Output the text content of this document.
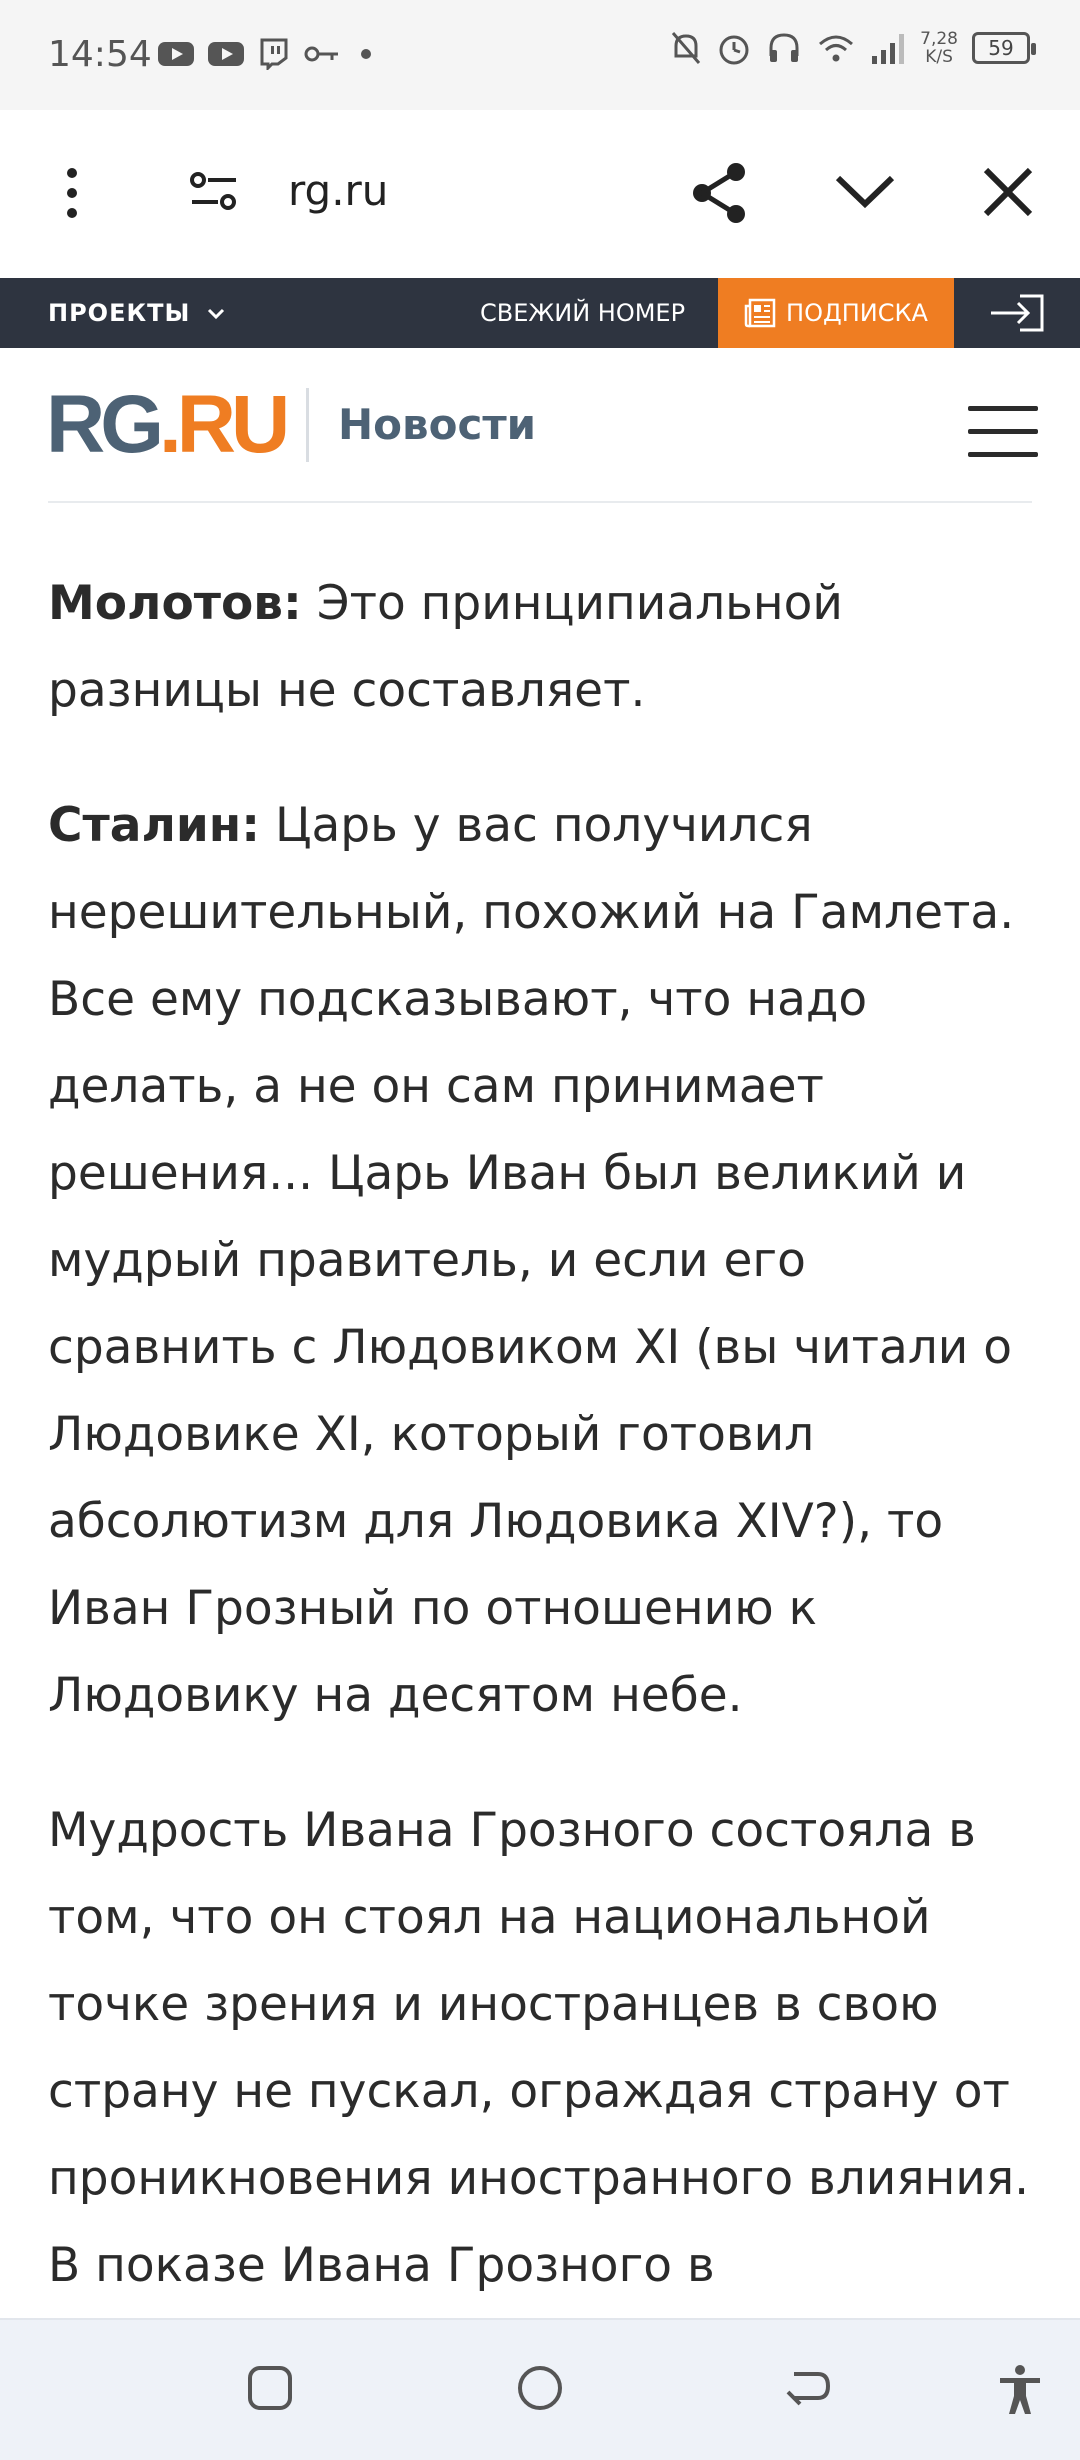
14:54	7,28
K/S	59
rg.ru
ПРОЕКТЫ	СВЕЖИЙ НОМЕР	ПОДПИСКА
RG.RU Новости

Молотов: Это принципиальной разницы не составляет.

Сталин: Царь у вас получился нерешительный, похожий на Гамлета. Все ему подсказывают, что надо делать, а не он сам принимает решения... Царь Иван был великий и мудрый правитель, и если его сравнить с Людовиком XI (вы читали о Людовике XI, который готовил абсолютизм для Людовика XIV?), то Иван Грозный по отношению к Людовику на десятом небе.

Мудрость Ивана Грозного состояла в том, что он стоял на национальной точке зрения и иностранцев в свою страну не пускал, ограждая страну от проникновения иностранного влияния. В показе Ивана Грозного в
